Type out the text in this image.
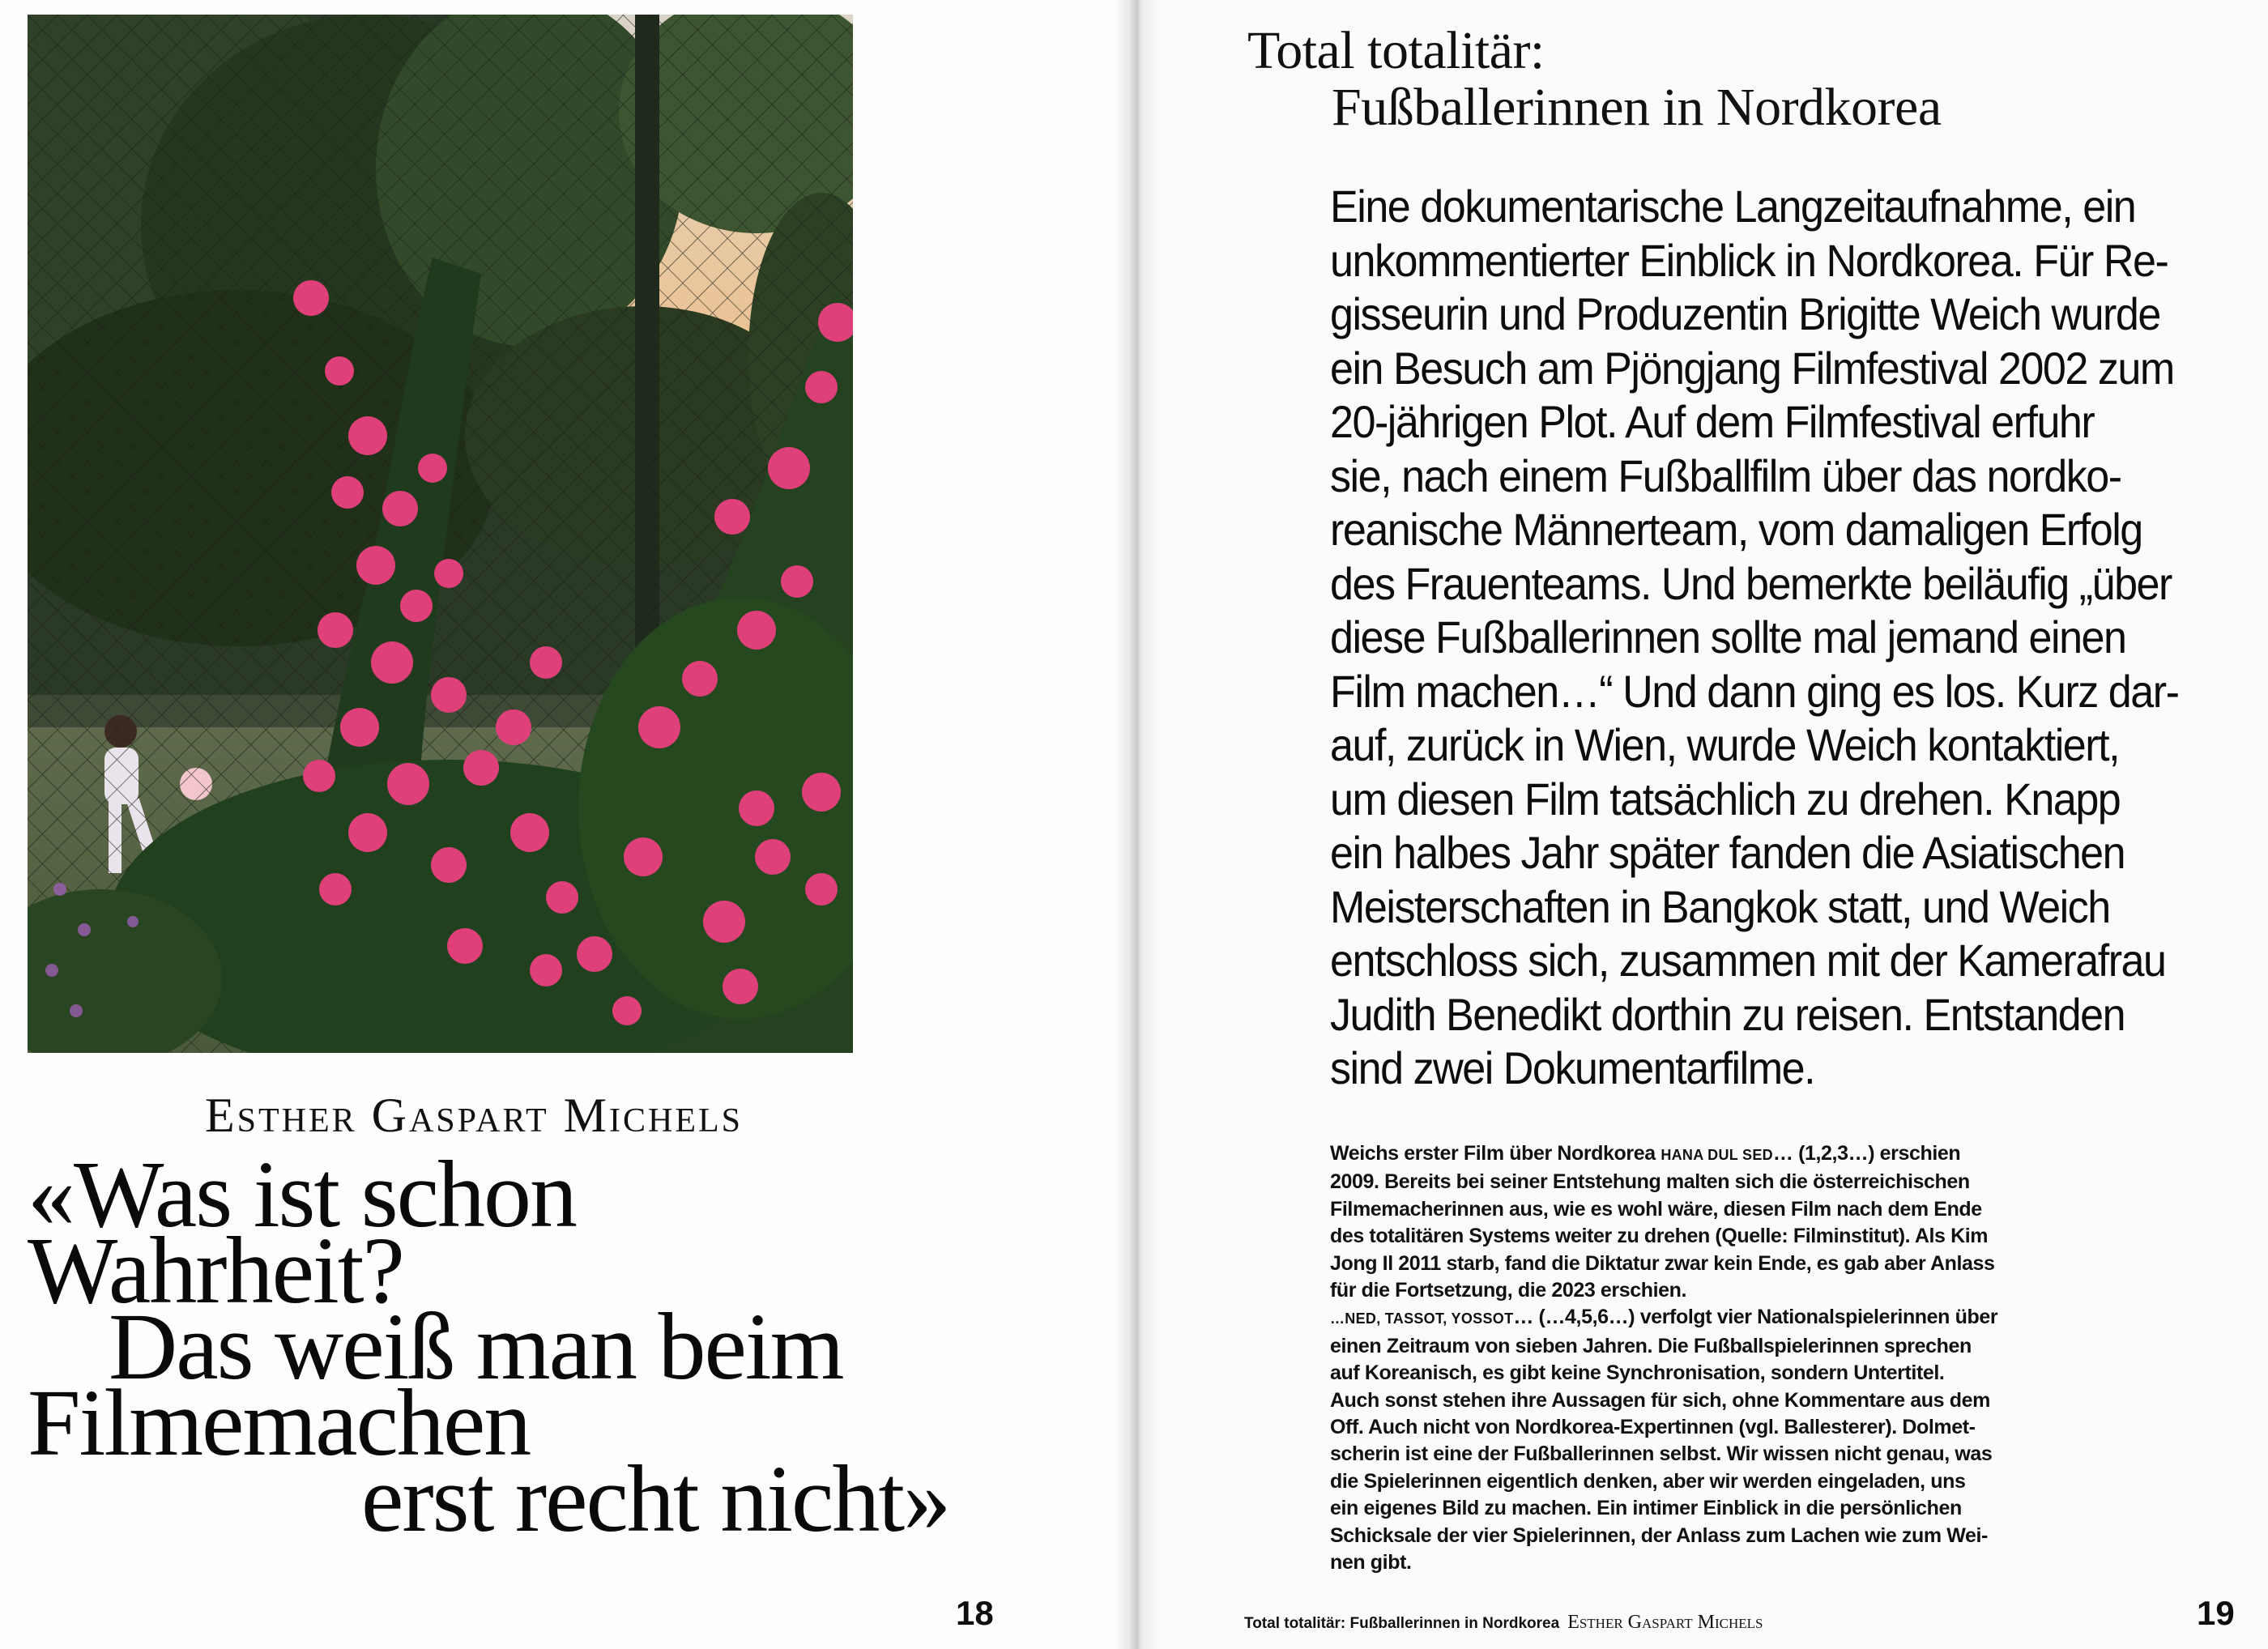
Esther Gaspart Michels
«Was ist schon
Wahrheit?
Das weiß man beim
Filmemachen
erst recht nicht»
18
Total totalitär:
Fußballerinnen in Nordkorea
Eine dokumentarische Langzeitaufnahme, ein
unkommentierter Einblick in Nordkorea. Für Re-
gisseurin und Produzentin Brigitte Weich wurde
ein Besuch am Pjöngjang Filmfestival 2002 zum
20-jährigen Plot. Auf dem Filmfestival erfuhr
sie, nach einem Fußballfilm über das nordko-
reanische Männerteam, vom damaligen Erfolg
des Frauenteams. Und bemerkte beiläufig „über
diese Fußballerinnen sollte mal jemand einen
Film machen…“ Und dann ging es los. Kurz dar-
auf, zurück in Wien, wurde Weich kontaktiert,
um diesen Film tatsächlich zu drehen. Knapp
ein halbes Jahr später fanden die Asiatischen
Meisterschaften in Bangkok statt, und Weich
entschloss sich, zusammen mit der Kamerafrau
Judith Benedikt dorthin zu reisen. Entstanden
sind zwei Dokumentarfilme.
Weichs erster Film über Nordkorea HANA DUL SED… (1,2,3…) erschien
2009. Bereits bei seiner Entstehung malten sich die österreichischen
Filmemacherinnen aus, wie es wohl wäre, diesen Film nach dem Ende
des totalitären Systems weiter zu drehen (Quelle: Filminstitut). Als Kim
Jong Il 2011 starb, fand die Diktatur zwar kein Ende, es gab aber Anlass
für die Fortsetzung, die 2023 erschien.
…NED, TASSOT, YOSSOT… (…4,5,6…) verfolgt vier Nationalspielerinnen über
einen Zeitraum von sieben Jahren. Die Fußballspielerinnen sprechen
auf Koreanisch, es gibt keine Synchronisation, sondern Untertitel.
Auch sonst stehen ihre Aussagen für sich, ohne Kommentare aus dem
Off. Auch nicht von Nordkorea-Expertinnen (vgl. Ballesterer). Dolmet-
scherin ist eine der Fußballerinnen selbst. Wir wissen nicht genau, was
die Spielerinnen eigentlich denken, aber wir werden eingeladen, uns
ein eigenes Bild zu machen. Ein intimer Einblick in die persönlichen
Schicksale der vier Spielerinnen, der Anlass zum Lachen wie zum Wei-
nen gibt.
Total totalitär: Fußballerinnen in Nordkorea Esther Gaspart Michels	19
